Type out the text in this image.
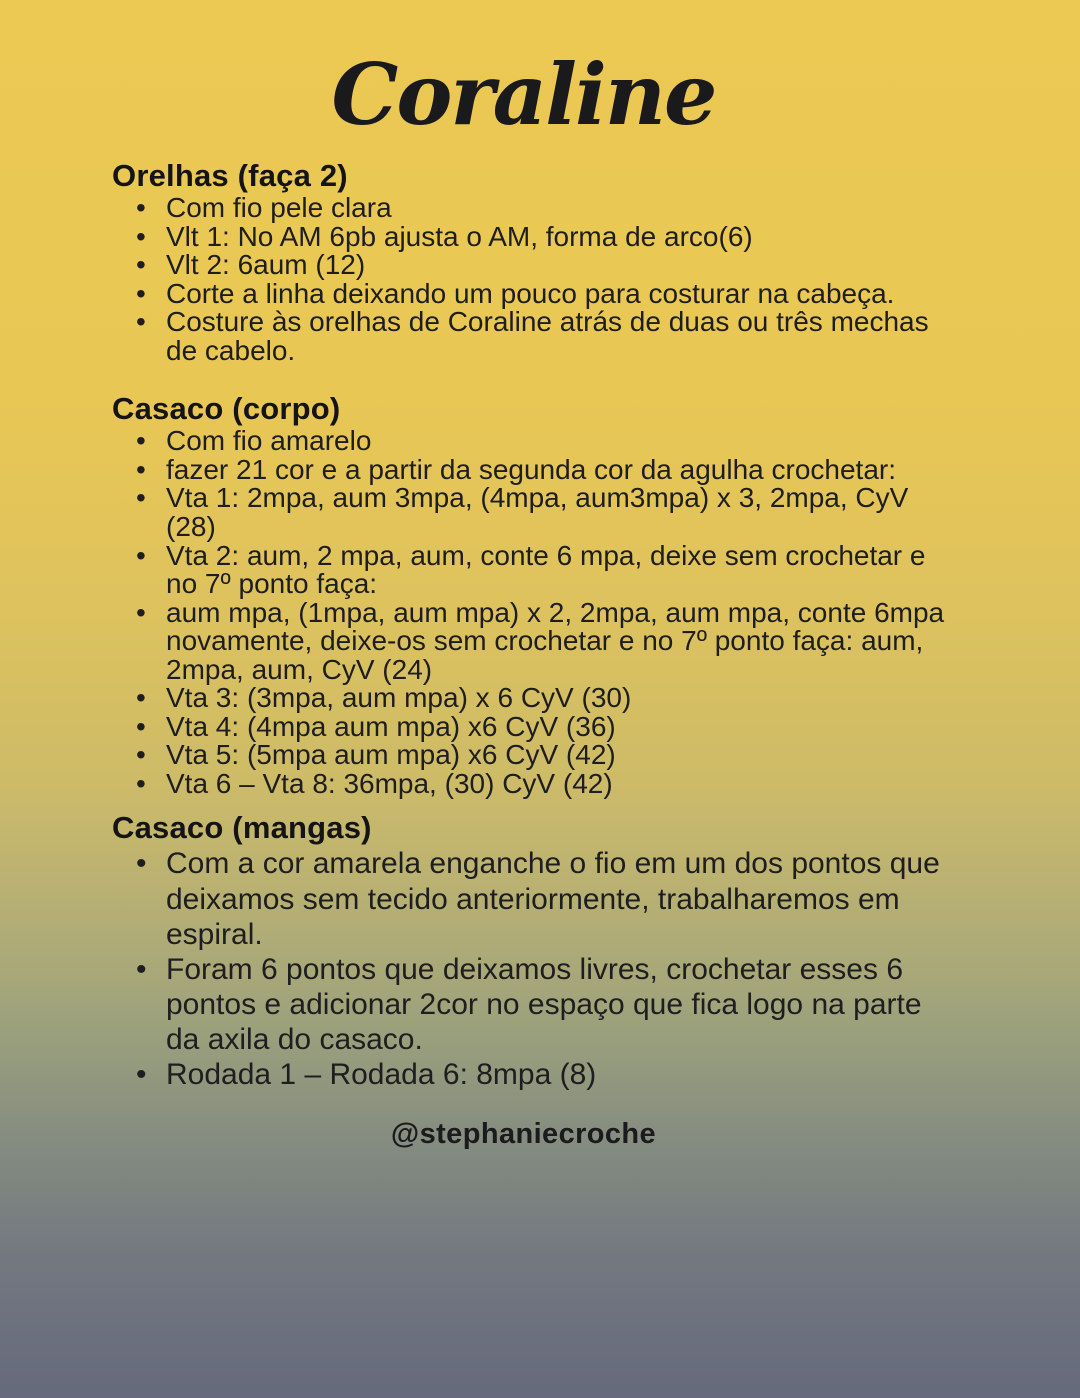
Coraline
Orelhas (faça 2)
• Com fio pele clara
• Vlt 1: No AM 6pb ajusta o AM, forma de arco(6)
• Vlt 2: 6aum (12)
• Corte a linha deixando um pouco para costurar na cabeça.
• Costure às orelhas de Coraline atrás de duas ou três mechas de cabelo.
Casaco (corpo)
• Com fio amarelo
• fazer 21 cor e a partir da segunda cor da agulha crochetar:
• Vta 1: 2mpa, aum 3mpa, (4mpa, aum3mpa) x 3, 2mpa, CyV (28)
• Vta 2: aum, 2 mpa, aum, conte 6 mpa, deixe sem crochetar e no 7º ponto faça:
• aum mpa, (1mpa, aum mpa) x 2, 2mpa, aum mpa, conte 6mpa novamente, deixe-os sem crochetar e no 7º ponto faça: aum, 2mpa, aum, CyV (24)
• Vta 3: (3mpa, aum mpa) x 6 CyV (30)
• Vta 4: (4mpa aum mpa) x6 CyV (36)
• Vta 5: (5mpa aum mpa) x6 CyV (42)
• Vta 6 – Vta 8: 36mpa, (30) CyV (42)
Casaco (mangas)
• Com a cor amarela enganche o fio em um dos pontos que deixamos sem tecido anteriormente, trabalharemos em espiral.
• Foram 6 pontos que deixamos livres, crochetar esses 6 pontos e adicionar 2cor no espaço que fica logo na parte da axila do casaco.
• Rodada 1 – Rodada 6: 8mpa (8)
@stephaniecroche
